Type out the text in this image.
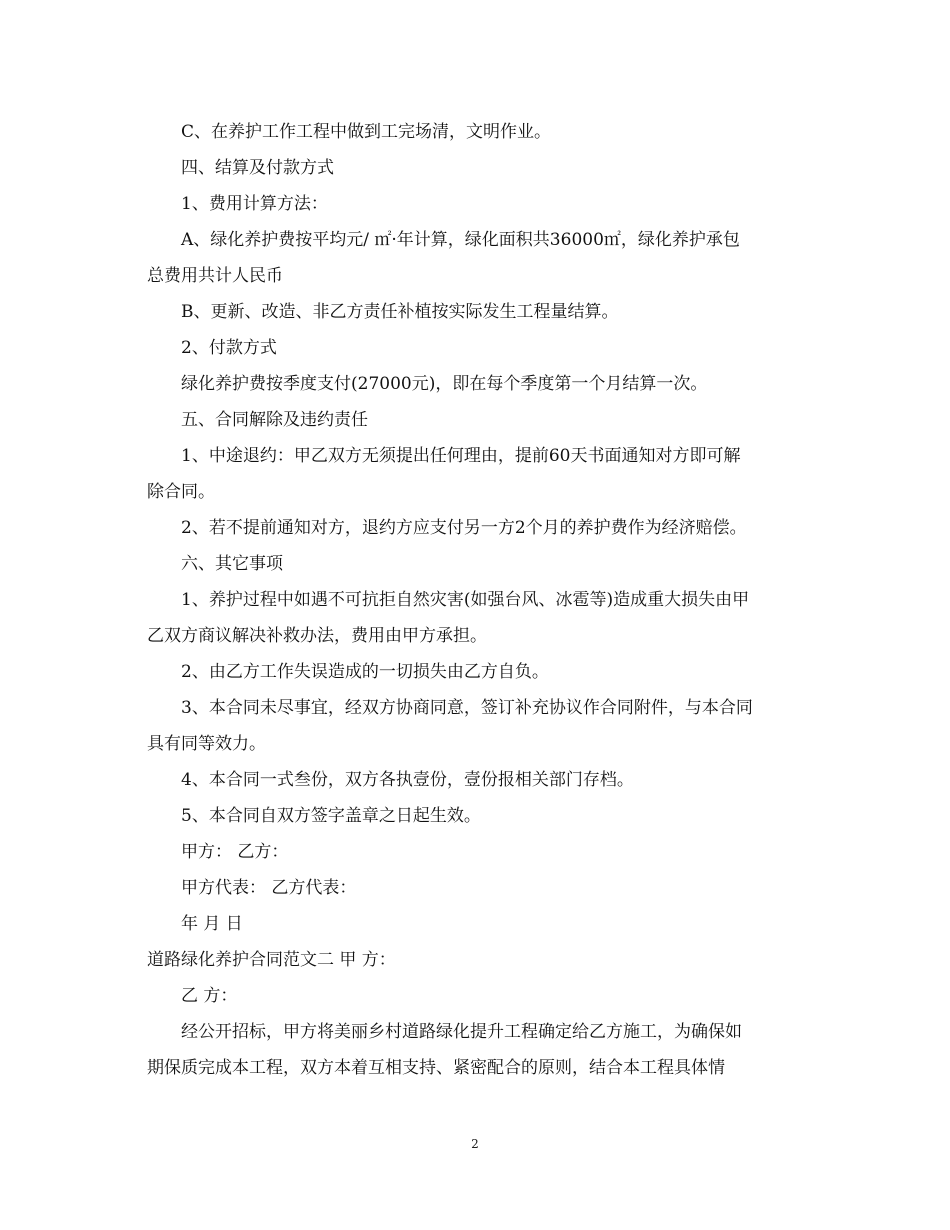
C、在养护工作工程中做到工完场清，文明作业。
四、结算及付款方式
1、费用计算方法：
A、绿化养护费按平均元/ ㎡·年计算，绿化面积共36000㎡，绿化养护承包
总费用共计人民币
B、更新、改造、非乙方责任补植按实际发生工程量结算。
2、付款方式
绿化养护费按季度支付(27000元)，即在每个季度第一个月结算一次。
五、合同解除及违约责任
1、中途退约：甲乙双方无须提出任何理由，提前60天书面通知对方即可解
除合同。
2、若不提前通知对方，退约方应支付另一方2个月的养护费作为经济赔偿。
六、其它事项
1、养护过程中如遇不可抗拒自然灾害(如强台风、冰雹等)造成重大损失由甲
乙双方商议解决补救办法，费用由甲方承担。
2、由乙方工作失误造成的一切损失由乙方自负。
3、本合同未尽事宜，经双方协商同意，签订补充协议作合同附件，与本合同
具有同等效力。
4、本合同一式叁份，双方各执壹份，壹份报相关部门存档。
5、本合同自双方签字盖章之日起生效。
甲方： 乙方：
甲方代表： 乙方代表：
年 月 日
道路绿化养护合同范文二 甲 方：
乙 方：
经公开招标，甲方将美丽乡村道路绿化提升工程确定给乙方施工，为确保如
期保质完成本工程，双方本着互相支持、紧密配合的原则，结合本工程具体情
2
